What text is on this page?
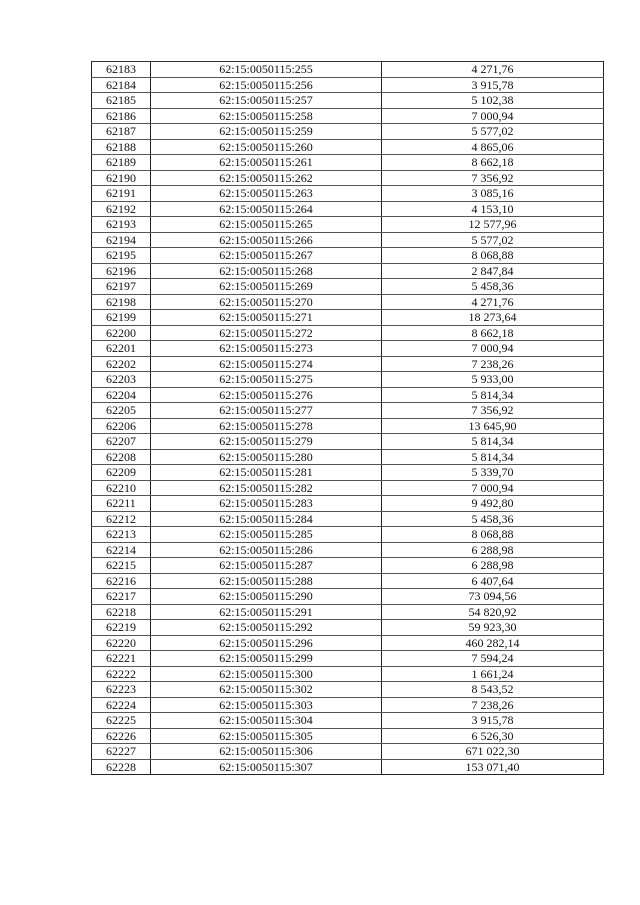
62183	62:15:0050115:255	4 271,76
62184	62:15:0050115:256	3 915,78
62185	62:15:0050115:257	5 102,38
62186	62:15:0050115:258	7 000,94
62187	62:15:0050115:259	5 577,02
62188	62:15:0050115:260	4 865,06
62189	62:15:0050115:261	8 662,18
62190	62:15:0050115:262	7 356,92
62191	62:15:0050115:263	3 085,16
62192	62:15:0050115:264	4 153,10
62193	62:15:0050115:265	12 577,96
62194	62:15:0050115:266	5 577,02
62195	62:15:0050115:267	8 068,88
62196	62:15:0050115:268	2 847,84
62197	62:15:0050115:269	5 458,36
62198	62:15:0050115:270	4 271,76
62199	62:15:0050115:271	18 273,64
62200	62:15:0050115:272	8 662,18
62201	62:15:0050115:273	7 000,94
62202	62:15:0050115:274	7 238,26
62203	62:15:0050115:275	5 933,00
62204	62:15:0050115:276	5 814,34
62205	62:15:0050115:277	7 356,92
62206	62:15:0050115:278	13 645,90
62207	62:15:0050115:279	5 814,34
62208	62:15:0050115:280	5 814,34
62209	62:15:0050115:281	5 339,70
62210	62:15:0050115:282	7 000,94
62211	62:15:0050115:283	9 492,80
62212	62:15:0050115:284	5 458,36
62213	62:15:0050115:285	8 068,88
62214	62:15:0050115:286	6 288,98
62215	62:15:0050115:287	6 288,98
62216	62:15:0050115:288	6 407,64
62217	62:15:0050115:290	73 094,56
62218	62:15:0050115:291	54 820,92
62219	62:15:0050115:292	59 923,30
62220	62:15:0050115:296	460 282,14
62221	62:15:0050115:299	7 594,24
62222	62:15:0050115:300	1 661,24
62223	62:15:0050115:302	8 543,52
62224	62:15:0050115:303	7 238,26
62225	62:15:0050115:304	3 915,78
62226	62:15:0050115:305	6 526,30
62227	62:15:0050115:306	671 022,30
62228	62:15:0050115:307	153 071,40
